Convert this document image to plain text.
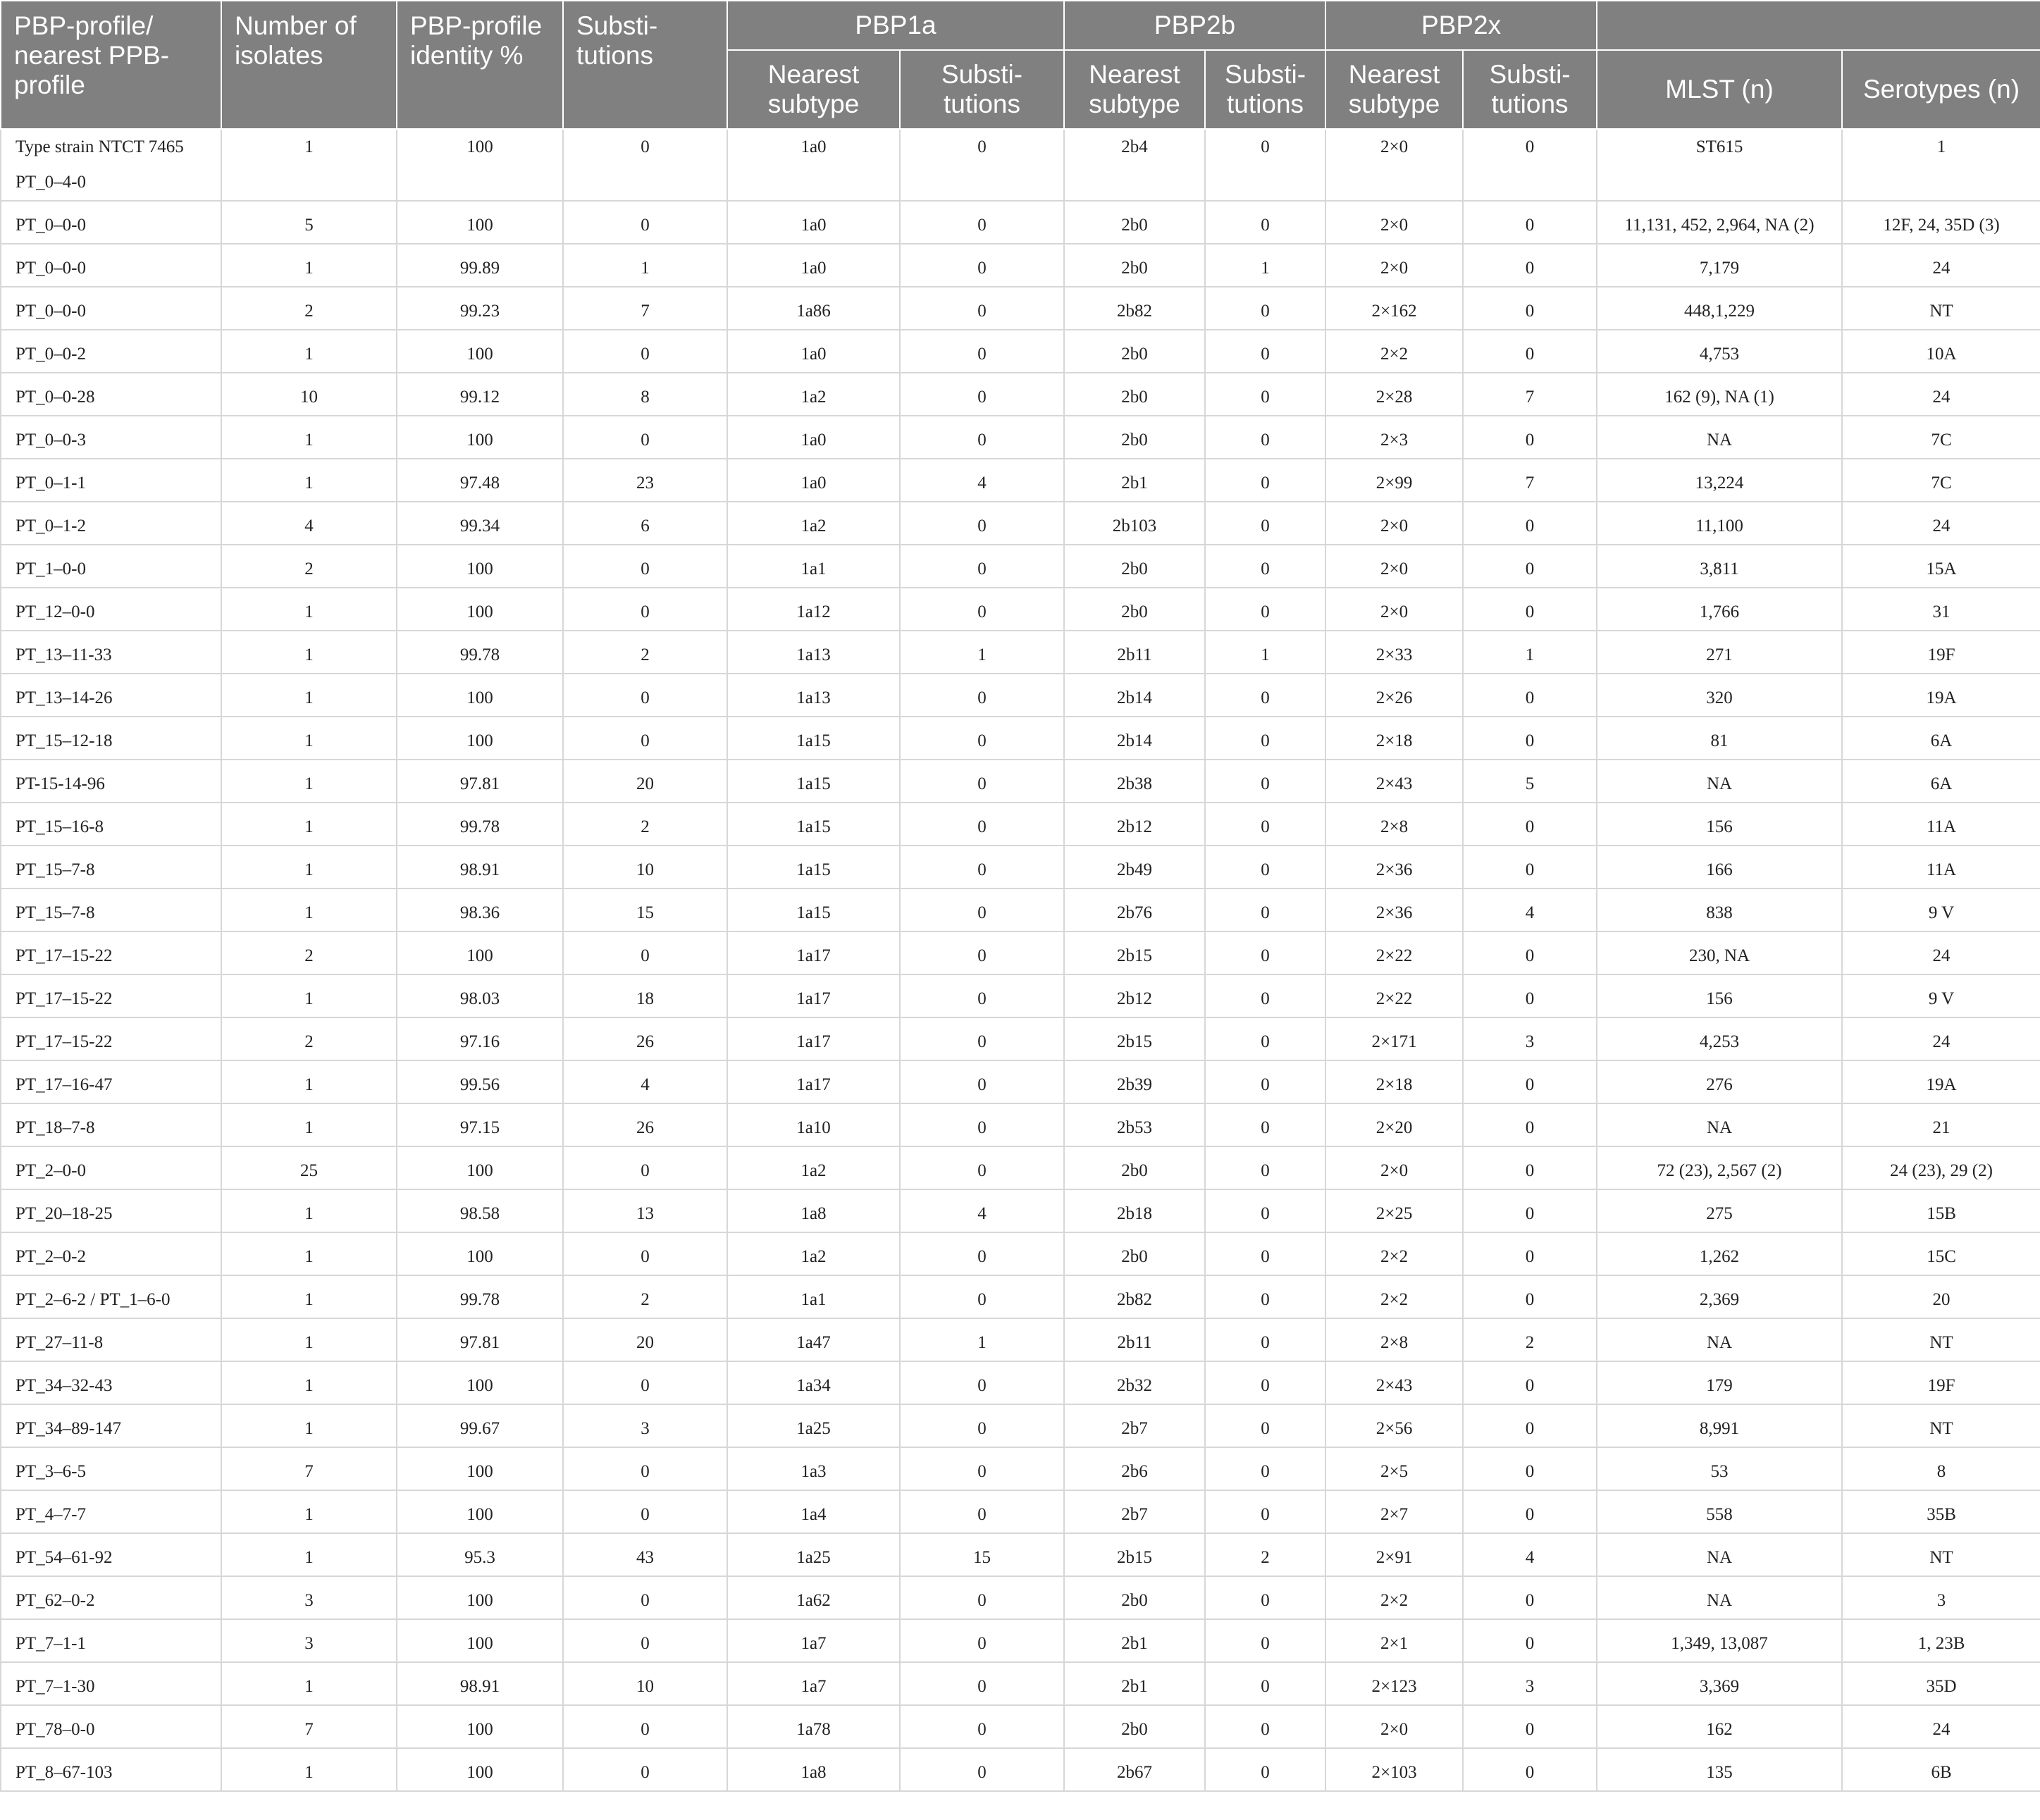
PBP-profile/ nearest PPB-profile	Number of isolates	PBP-profile identity %	Substi-tutions	PBP1a		PBP2b		PBP2x			
				Nearest subtype	Substi-tutions	Nearest subtype	Substi-tutions	Nearest subtype	Substi-tutions	MLST (n)	Serotypes (n)
Type strain NTCT 7465 PT_0–4-0	1	100	0	1a0	0	2b4	0	2×0	0	ST615	1
PT_0–0-0	5	100	0	1a0	0	2b0	0	2×0	0	11,131, 452, 2,964, NA (2)	12F, 24, 35D (3)
PT_0–0-0	1	99.89	1	1a0	0	2b0	1	2×0	0	7,179	24
PT_0–0-0	2	99.23	7	1a86	0	2b82	0	2×162	0	448,1,229	NT
PT_0–0-2	1	100	0	1a0	0	2b0	0	2×2	0	4,753	10A
PT_0–0-28	10	99.12	8	1a2	0	2b0	0	2×28	7	162 (9), NA (1)	24
PT_0–0-3	1	100	0	1a0	0	2b0	0	2×3	0	NA	7C
PT_0–1-1	1	97.48	23	1a0	4	2b1	0	2×99	7	13,224	7C
PT_0–1-2	4	99.34	6	1a2	0	2b103	0	2×0	0	11,100	24
PT_1–0-0	2	100	0	1a1	0	2b0	0	2×0	0	3,811	15A
PT_12–0-0	1	100	0	1a12	0	2b0	0	2×0	0	1,766	31
PT_13–11-33	1	99.78	2	1a13	1	2b11	1	2×33	1	271	19F
PT_13–14-26	1	100	0	1a13	0	2b14	0	2×26	0	320	19A
PT_15–12-18	1	100	0	1a15	0	2b14	0	2×18	0	81	6A
PT-15-14-96	1	97.81	20	1a15	0	2b38	0	2×43	5	NA	6A
PT_15–16-8	1	99.78	2	1a15	0	2b12	0	2×8	0	156	11A
PT_15–7-8	1	98.91	10	1a15	0	2b49	0	2×36	0	166	11A
PT_15–7-8	1	98.36	15	1a15	0	2b76	0	2×36	4	838	9 V
PT_17–15-22	2	100	0	1a17	0	2b15	0	2×22	0	230, NA	24
PT_17–15-22	1	98.03	18	1a17	0	2b12	0	2×22	0	156	9 V
PT_17–15-22	2	97.16	26	1a17	0	2b15	0	2×171	3	4,253	24
PT_17–16-47	1	99.56	4	1a17	0	2b39	0	2×18	0	276	19A
PT_18–7-8	1	97.15	26	1a10	0	2b53	0	2×20	0	NA	21
PT_2–0-0	25	100	0	1a2	0	2b0	0	2×0	0	72 (23), 2,567 (2)	24 (23), 29 (2)
PT_20–18-25	1	98.58	13	1a8	4	2b18	0	2×25	0	275	15B
PT_2–0-2	1	100	0	1a2	0	2b0	0	2×2	0	1,262	15C
PT_2–6-2 / PT_1–6-0	1	99.78	2	1a1	0	2b82	0	2×2	0	2,369	20
PT_27–11-8	1	97.81	20	1a47	1	2b11	0	2×8	2	NA	NT
PT_34–32-43	1	100	0	1a34	0	2b32	0	2×43	0	179	19F
PT_34–89-147	1	99.67	3	1a25	0	2b7	0	2×56	0	8,991	NT
PT_3–6-5	7	100	0	1a3	0	2b6	0	2×5	0	53	8
PT_4–7-7	1	100	0	1a4	0	2b7	0	2×7	0	558	35B
PT_54–61-92	1	95.3	43	1a25	15	2b15	2	2×91	4	NA	NT
PT_62–0-2	3	100	0	1a62	0	2b0	0	2×2	0	NA	3
PT_7–1-1	3	100	0	1a7	0	2b1	0	2×1	0	1,349, 13,087	1, 23B
PT_7–1-30	1	98.91	10	1a7	0	2b1	0	2×123	3	3,369	35D
PT_78–0-0	7	100	0	1a78	0	2b0	0	2×0	0	162	24
PT_8–67-103	1	100	0	1a8	0	2b67	0	2×103	0	135	6B
